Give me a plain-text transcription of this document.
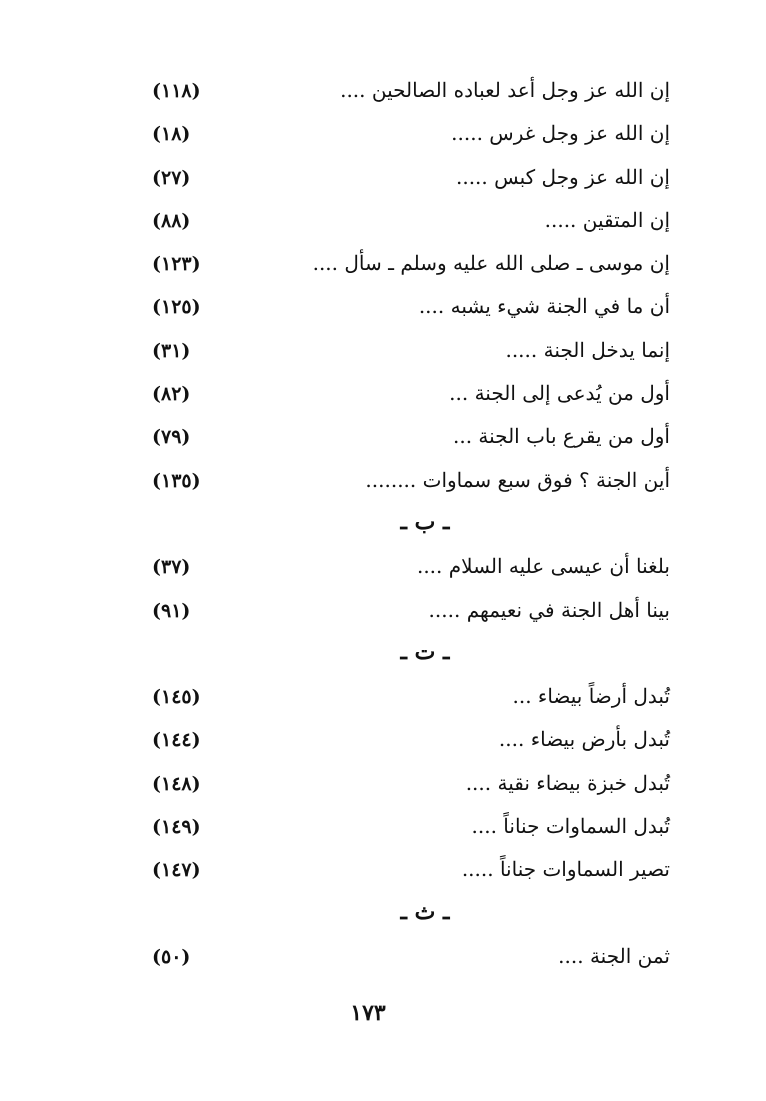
إن الله عز وجل أعد لعباده الصالحين ....
(١١٨)
إن الله عز وجل غرس .....
(١٨)
إن الله عز وجل كبس .....
(٢٧)
إن المتقين .....
(٨٨)
إن موسى ـ صلى الله عليه وسلم ـ سأل ....
(١٢٣)
أن ما في الجنة شيء يشبه ....
(١٢٥)
إنما يدخل الجنة .....
(٣١)
أول من يُدعى إلى الجنة ...
(٨٢)
أول من يقرع باب الجنة ...
(٧٩)
أين الجنة ؟ فوق سبع سماوات ........
(١٣٥)
ـ ب ـ
بلغنا أن عيسى عليه السلام ....
(٣٧)
بينا أهل الجنة في نعيمهم .....
(٩١)
ـ ت ـ
تُبدل أرضاً بيضاء ...
(١٤٥)
تُبدل بأرض بيضاء ....
(١٤٤)
تُبدل خبزة بيضاء نقية ....
(١٤٨)
تُبدل السماوات جناناً ....
(١٤٩)
تصير السماوات جناناً .....
(١٤٧)
ـ ث ـ
ثمن الجنة ....
(٥٠)
١٧٣
